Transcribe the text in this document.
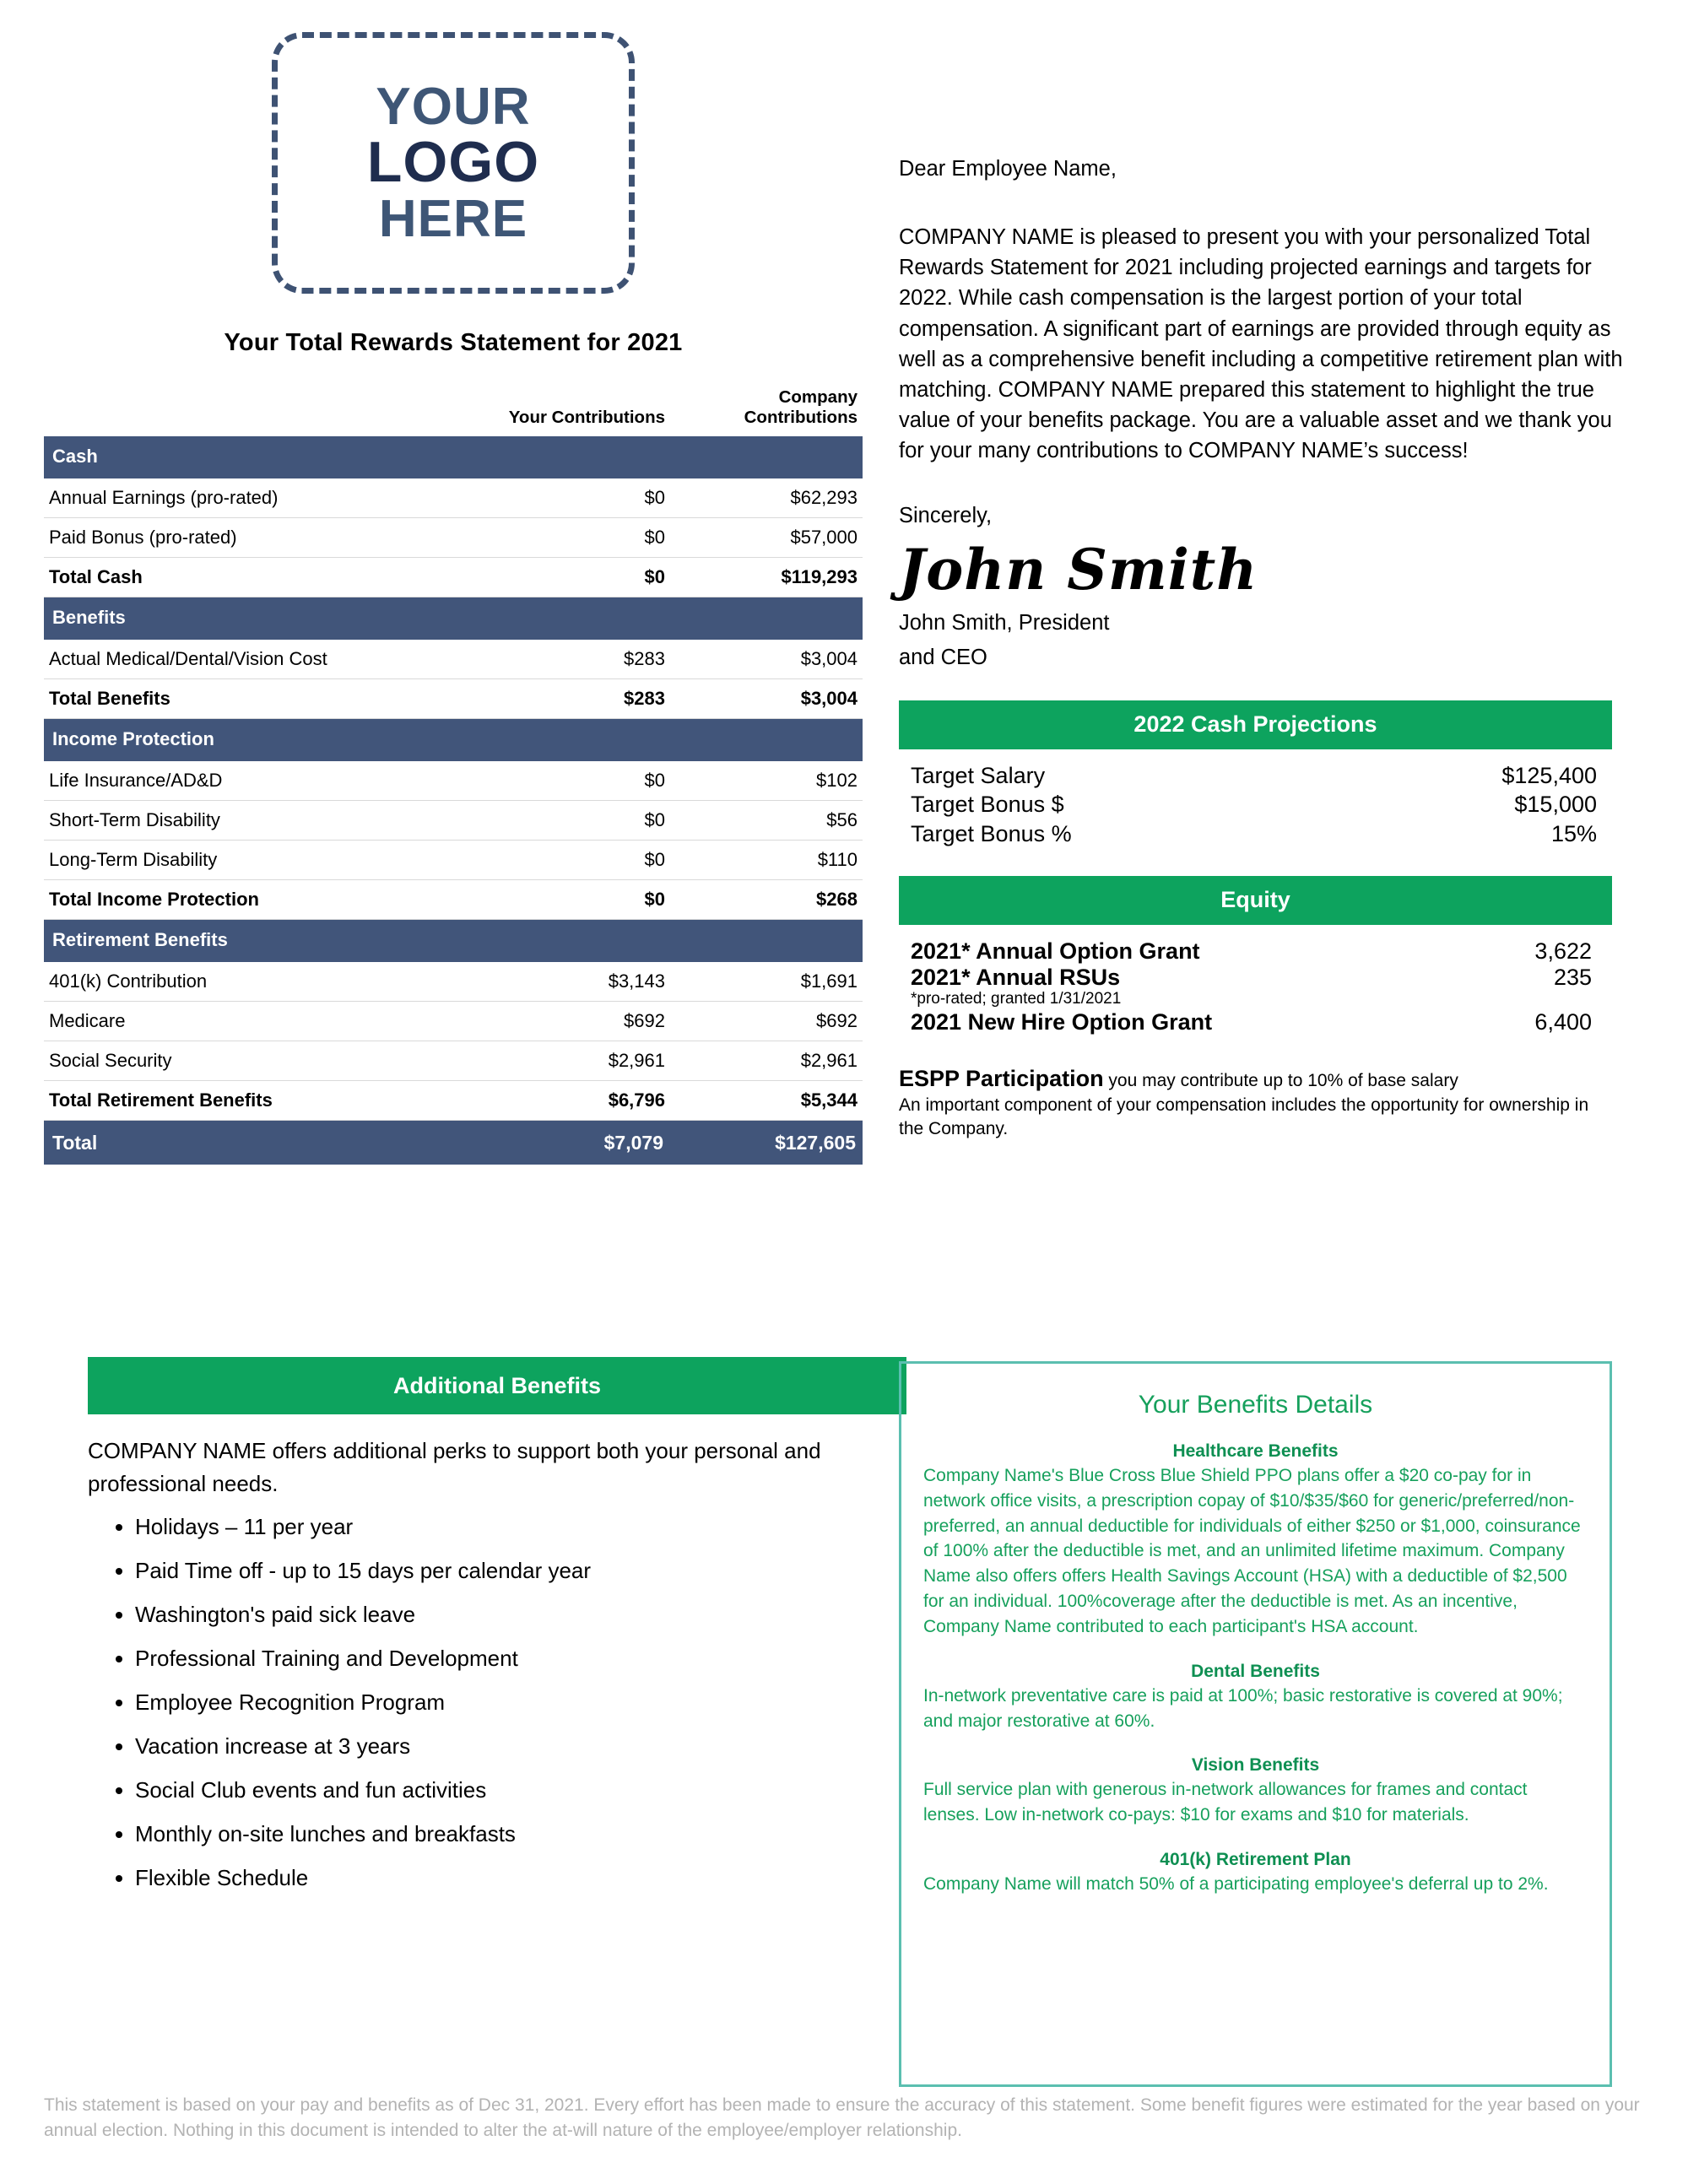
YOUR
LOGO
HERE
Your Total Rewards Statement for 2021
	Your Contributions	Company Contributions
Cash		
Annual Earnings (pro-rated)	$0	$62,293
Paid Bonus (pro-rated)	$0	$57,000
Total Cash	$0	$119,293
Benefits		
Actual Medical/Dental/Vision Cost	$283	$3,004
Total Benefits	$283	$3,004
Income Protection		
Life Insurance/AD&D	$0	$102
Short-Term Disability	$0	$56
Long-Term Disability	$0	$110
Total Income Protection	$0	$268
Retirement Benefits		
401(k) Contribution	$3,143	$1,691
Medicare	$692	$692
Social Security	$2,961	$2,961
Total Retirement Benefits	$6,796	$5,344
Total	$7,079	$127,605
Additional Benefits
COMPANY NAME offers additional perks to support both your personal and professional needs.
• Holidays – 11 per year
• Paid Time off - up to 15 days per calendar year
• Washington's paid sick leave
• Professional Training and Development
• Employee Recognition Program
• Vacation increase at 3 years
• Social Club events and fun activities
• Monthly on-site lunches and breakfasts
• Flexible Schedule
Dear Employee Name,
COMPANY NAME is pleased to present you with your personalized Total Rewards Statement for 2021 including projected earnings and targets for 2022. While cash compensation is the largest portion of your total compensation. A significant part of earnings are provided through equity as well as a comprehensive benefit including a competitive retirement plan with matching. COMPANY NAME prepared this statement to highlight the true value of your benefits package. You are a valuable asset and we thank you for your many contributions to COMPANY NAME’s success!
Sincerely,
John Smith
John Smith, President
and CEO
2022 Cash Projections
Target Salary	$125,400
Target Bonus $	$15,000
Target Bonus %	15%
Equity
2021* Annual Option Grant	3,622
2021* Annual RSUs	235
*pro-rated; granted 1/31/2021
2021 New Hire Option Grant	6,400
ESPP Participation you may contribute up to 10% of base salary
An important component of your compensation includes the opportunity for ownership in the Company.
Your Benefits Details
Healthcare Benefits
Company Name's Blue Cross Blue Shield PPO plans offer a $20 co-pay for in network office visits, a prescription copay of $10/$35/$60 for generic/preferred/non-preferred, an annual deductible for individuals of either $250 or $1,000, coinsurance of 100% after the deductible is met, and an unlimited lifetime maximum. Company Name also offers offers Health Savings Account (HSA) with a deductible of $2,500 for an individual. 100%coverage after the deductible is met. As an incentive, Company Name contributed to each participant's HSA account.
Dental Benefits
In-network preventative care is paid at 100%; basic restorative is covered at 90%; and major restorative at 60%.
Vision Benefits
Full service plan with generous in-network allowances for frames and contact lenses. Low in-network co-pays: $10 for exams and $10 for materials.
401(k) Retirement Plan
Company Name will match 50% of a participating employee's deferral up to 2%.
This statement is based on your pay and benefits as of Dec 31, 2021. Every effort has been made to ensure the accuracy of this statement. Some benefit figures were estimated for the year based on your annual election. Nothing in this document is intended to alter the at-will nature of the employee/employer relationship.
